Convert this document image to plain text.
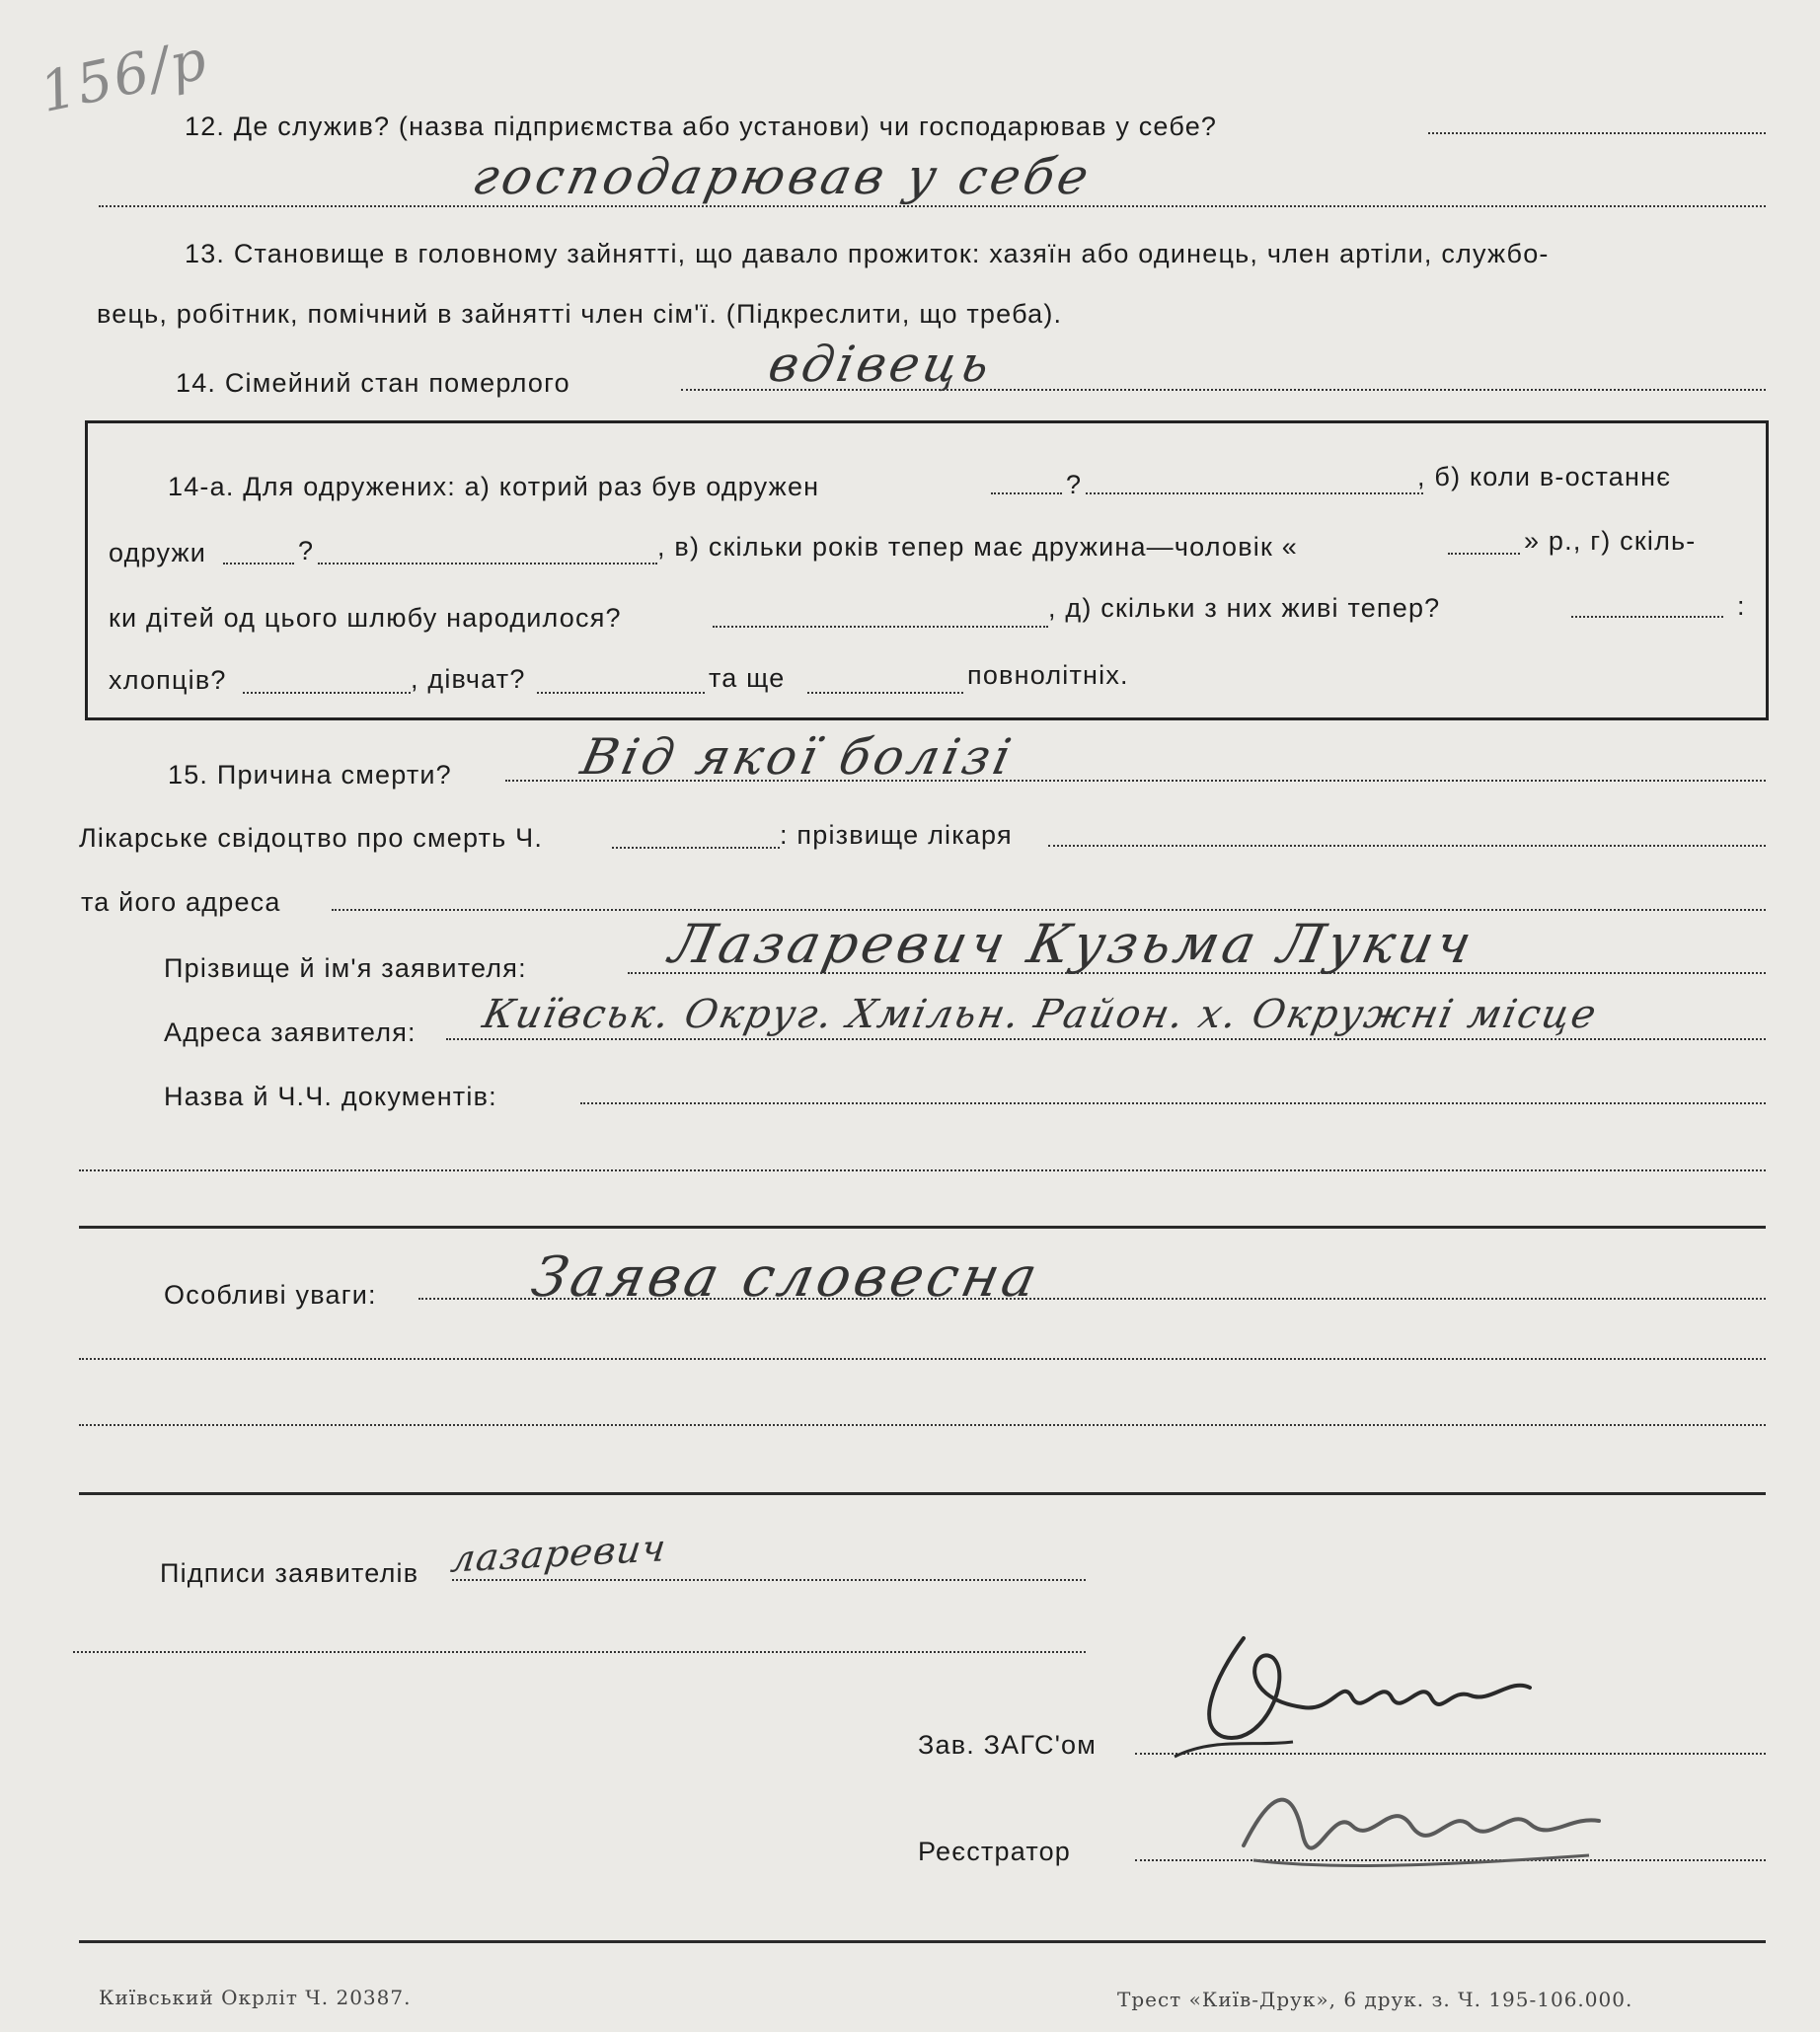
156/р
12. Де служив? (назва підприємства або установи) чи господарював у себе?
господарював у себе
13. Становище в головному зайнятті, що давало прожиток: хазяїн або одинець, член артіли, службо-
вець, робітник, помічний в зайнятті член сім'ї. (Підкреслити, що треба).
14. Сімейний стан померлого	вдівець
14-а. Для одружених: а) котрий раз був одружен	?	, б) коли в-останнє
одружи	?	, в) скільки років тепер має дружина—чоловік «	» р., г) скіль-
ки дітей од цього шлюбу народилося?	, д) скільки з них живі тепер?	:
хлопців?	, дівчат?	та ще	повнолітніх.
15. Причина смерти?	Від якої болізі
Лікарське свідоцтво про смерть Ч.	: прізвище лікаря
та його адреса
Прізвище й ім'я заявителя:	Лазаревич Кузьма Лукич
Адреса заявителя: Київськ. Округ. Хмільн. Район. х. Окружні місце
Назва й Ч.Ч. документів:
Особливі уваги:	Заява словесна
Підписи заявителів лазаревич
Зав. ЗАГС'ом
Реєстратор
Київський Окрліт Ч. 20387.	Трест «Київ-Друк», 6 друк. з. Ч. 195-106.000.
